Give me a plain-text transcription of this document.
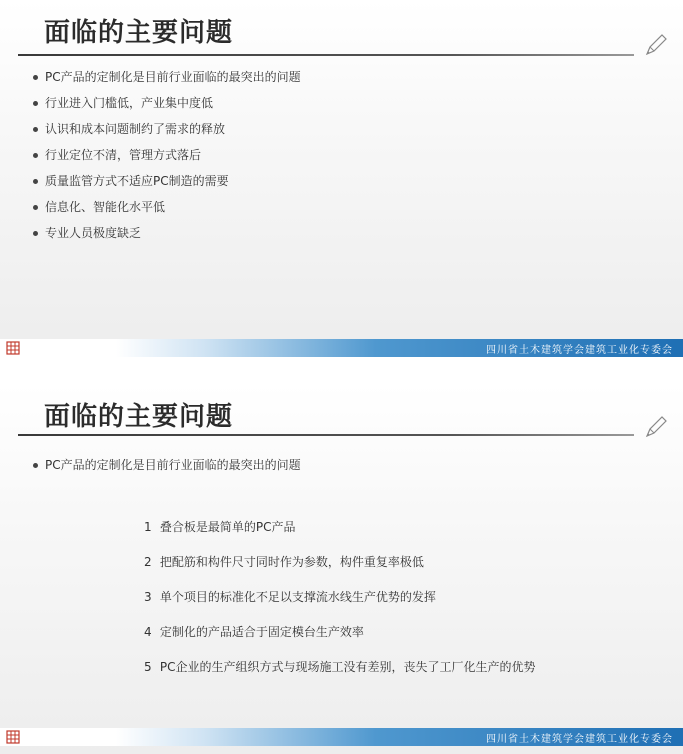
面临的主要问题
PC产品的定制化是目前行业面临的最突出的问题
行业进入门槛低，产业集中度低
认识和成本问题制约了需求的释放
行业定位不清，管理方式落后
质量监管方式不适应PC制造的需要
信息化、智能化水平低
专业人员极度缺乏
四川省土木建筑学会建筑工业化专委会
面临的主要问题
PC产品的定制化是目前行业面临的最突出的问题
1 叠合板是最简单的PC产品
2 把配筋和构件尺寸同时作为参数，构件重复率极低
3 单个项目的标准化不足以支撑流水线生产优势的发挥
4 定制化的产品适合于固定模台生产效率
5 PC企业的生产组织方式与现场施工没有差别，丧失了工厂化生产的优势
四川省土木建筑学会建筑工业化专委会
